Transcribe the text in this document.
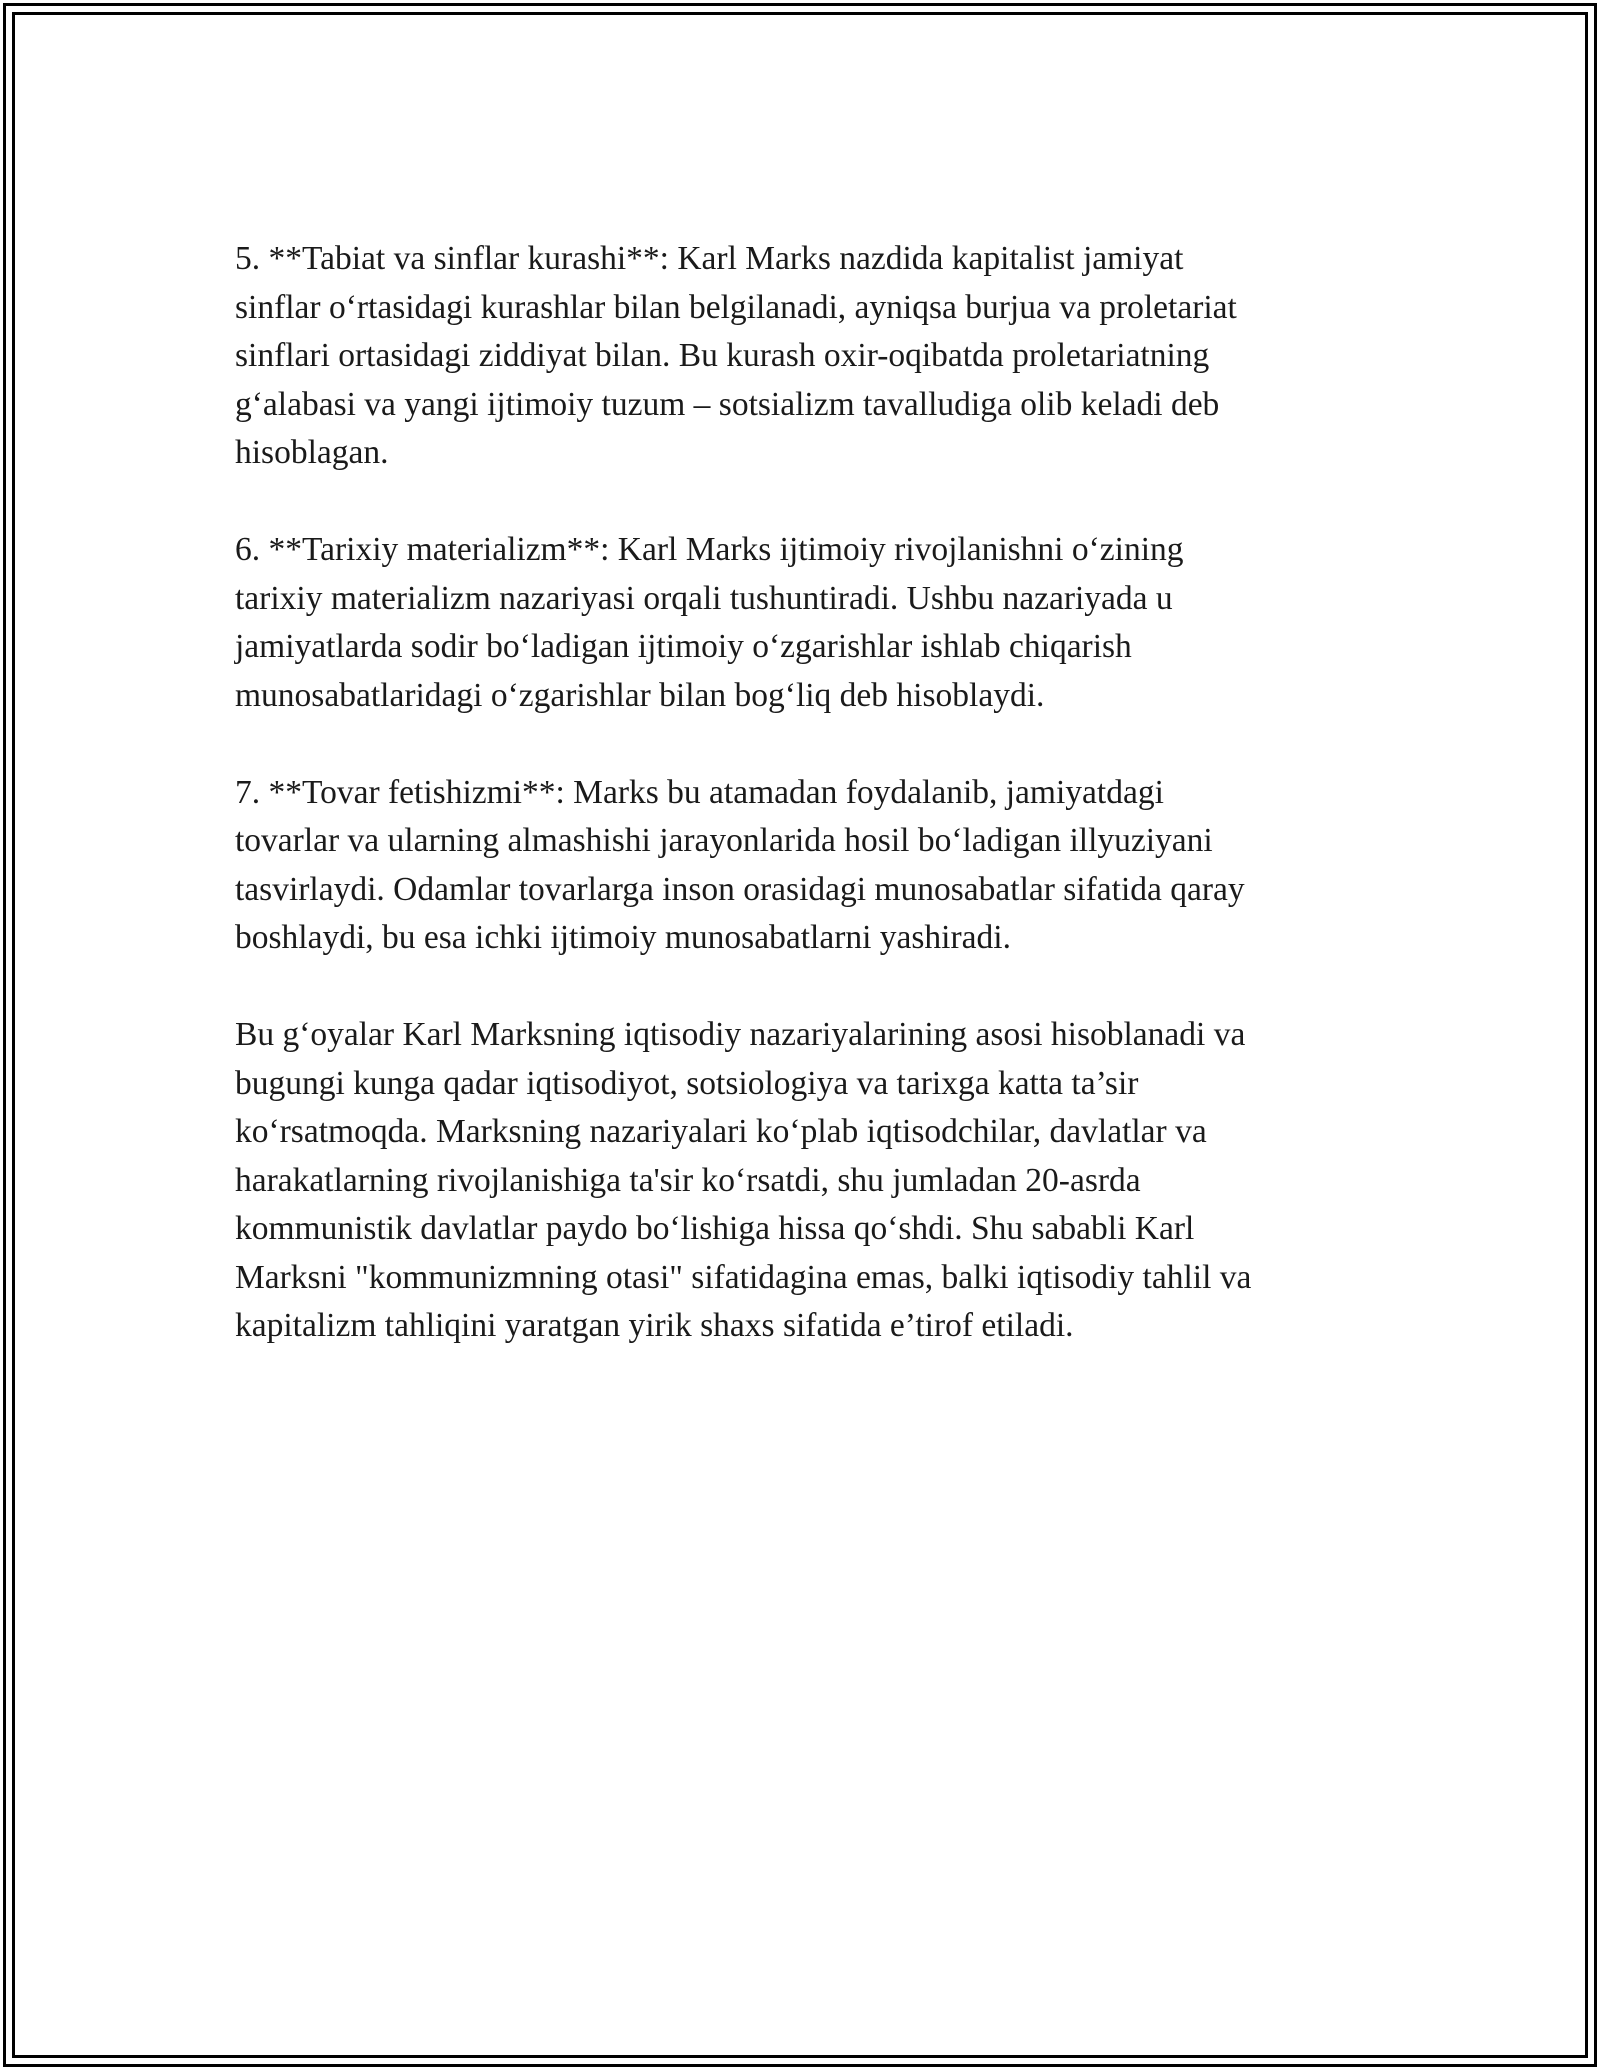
5. **Tabiat va sinflar kurashi**: Karl Marks nazdida kapitalist jamiyat
sinflar o‘rtasidagi kurashlar bilan belgilanadi, ayniqsa burjua va proletariat
sinflari ortasidagi ziddiyat bilan. Bu kurash oxir-oqibatda proletariatning
g‘alabasi va yangi ijtimoiy tuzum – sotsializm tavalludiga olib keladi deb
hisoblagan.

6. **Tarixiy materializm**: Karl Marks ijtimoiy rivojlanishni o‘zining
tarixiy materializm nazariyasi orqali tushuntiradi. Ushbu nazariyada u
jamiyatlarda sodir bo‘ladigan ijtimoiy o‘zgarishlar ishlab chiqarish
munosabatlaridagi o‘zgarishlar bilan bog‘liq deb hisoblaydi.

7. **Tovar fetishizmi**: Marks bu atamadan foydalanib, jamiyatdagi
tovarlar va ularning almashishi jarayonlarida hosil bo‘ladigan illyuziyani
tasvirlaydi. Odamlar tovarlarga inson orasidagi munosabatlar sifatida qaray
boshlaydi, bu esa ichki ijtimoiy munosabatlarni yashiradi.

Bu g‘oyalar Karl Marksning iqtisodiy nazariyalarining asosi hisoblanadi va
bugungi kunga qadar iqtisodiyot, sotsiologiya va tarixga katta ta’sir
ko‘rsatmoqda. Marksning nazariyalari ko‘plab iqtisodchilar, davlatlar va
harakatlarning rivojlanishiga ta'sir ko‘rsatdi, shu jumladan 20-asrda
kommunistik davlatlar paydo bo‘lishiga hissa qo‘shdi. Shu sababli Karl
Marksni "kommunizmning otasi" sifatidagina emas, balki iqtisodiy tahlil va
kapitalizm tahliqini yaratgan yirik shaxs sifatida e’tirof etiladi.
